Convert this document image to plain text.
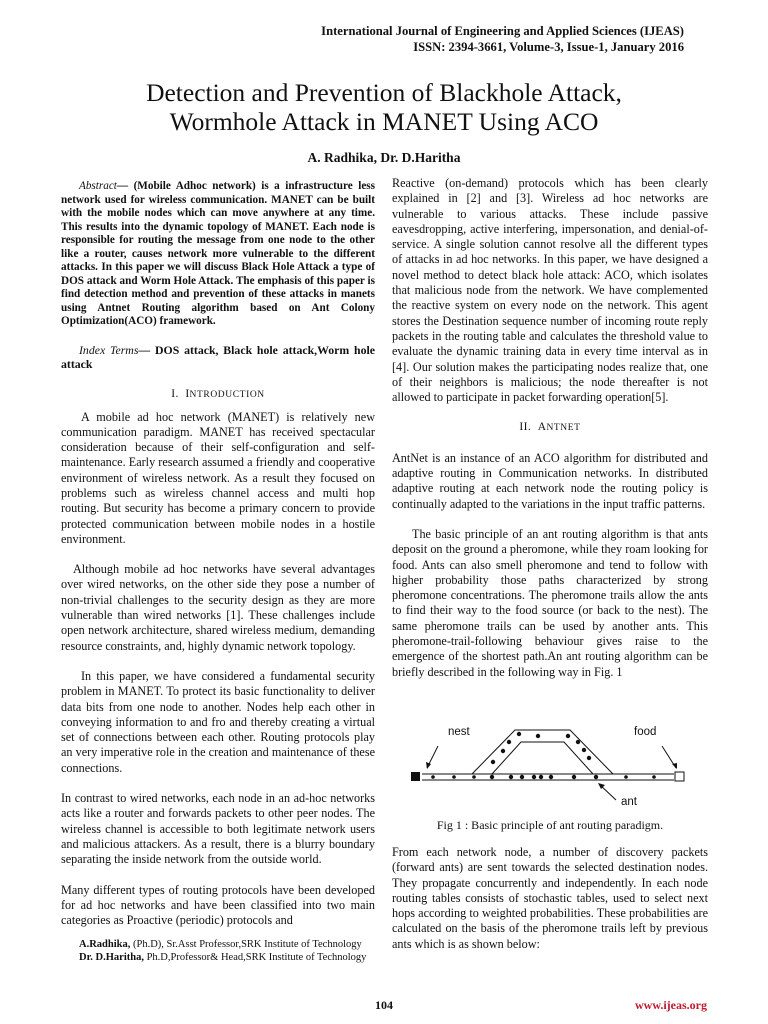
International Journal of Engineering and Applied Sciences (IJEAS)
ISSN: 2394-3661, Volume-3, Issue-1, January 2016
Detection and Prevention of Blackhole Attack,
Wormhole Attack in MANET Using ACO
A. Radhika, Dr. D.Haritha
Abstract— (Mobile Adhoc network) is a infrastructure less network used for wireless communication. MANET can be built with the mobile nodes which can move anywhere at any time. This results into the dynamic topology of MANET. Each node is responsible for routing the message from one node to the other like a router, causes network more vulnerable to the different attacks. In this paper we will discuss Black Hole Attack a type of DOS attack and Worm Hole Attack. The emphasis of this paper is find detection method and prevention of these attacks in manets using Antnet Routing algorithm based on Ant Colony Optimization(ACO) framework.
Index Terms— DOS attack, Black hole attack,Worm hole attack
I. INTRODUCTION

A mobile ad hoc network (MANET) is relatively new communication paradigm. MANET has received spectacular consideration because of their self-configuration and self-maintenance. Early research assumed a friendly and cooperative environment of wireless network. As a result they focused on problems such as wireless channel access and multi hop routing. But security has become a primary concern to provide protected communication between mobile nodes in a hostile environment.

Although mobile ad hoc networks have several advantages over wired networks, on the other side they pose a number of non-trivial challenges to the security design as they are more vulnerable than wired networks [1]. These challenges include open network architecture, shared wireless medium, demanding resource constraints, and, highly dynamic network topology.

In this paper, we have considered a fundamental security problem in MANET. To protect its basic functionality to deliver data bits from one node to another. Nodes help each other in conveying information to and fro and thereby creating a virtual set of connections between each other. Routing protocols play an very imperative role in the creation and maintenance of these connections.

In contrast to wired networks, each node in an ad-hoc networks acts like a router and forwards packets to other peer nodes. The wireless channel is accessible to both legitimate network users and malicious attackers. As a result, there is a blurry boundary separating the inside network from the outside world.

Many different types of routing protocols have been developed for ad hoc networks and have been classified into two main categories as Proactive (periodic) protocols and

A.Radhika, (Ph.D), Sr.Asst Professor,SRK Institute of Technology
Dr. D.Haritha, Ph.D,Professor& Head,SRK Institute of Technology

Reactive (on-demand) protocols which has been clearly explained in [2] and [3]. Wireless ad hoc networks are vulnerable to various attacks. These include passive eavesdropping, active interfering, impersonation, and denial-of-service. A single solution cannot resolve all the different types of attacks in ad hoc networks. In this paper, we have designed a novel method to detect black hole attack: ACO, which isolates that malicious node from the network. We have complemented the reactive system on every node on the network. This agent stores the Destination sequence number of incoming route reply packets in the routing table and calculates the threshold value to evaluate the dynamic training data in every time interval as in [4]. Our solution makes the participating nodes realize that, one of their neighbors is malicious; the node thereafter is not allowed to participate in packet forwarding operation[5].

II. ANTNET

AntNet is an instance of an ACO algorithm for distributed and adaptive routing in Communication networks. In distributed adaptive routing at each network node the routing policy is continually adapted to the variations in the input traffic patterns.

The basic principle of an ant routing algorithm is that ants deposit on the ground a pheromone, while they roam looking for food. Ants can also smell pheromone and tend to follow with higher probability those paths characterized by strong pheromone concentrations. The pheromone trails allow the ants to find their way to the food source (or back to the nest). The same pheromone trails can be used by another ants. This pheromone-trail-following behaviour gives raise to the emergence of the shortest path.An ant routing algorithm can be briefly described in the following way in Fig. 1

nest	food
ant
Fig 1 : Basic principle of ant routing paradigm.

From each network node, a number of discovery packets (forward ants) are sent towards the selected destination nodes. They propagate concurrently and independently. In each node routing tables consists of stochastic tables, used to select next hops according to weighted probabilities. These probabilities are calculated on the basis of the pheromone trails left by previous ants which is as shown below:

104	www.ijeas.org
